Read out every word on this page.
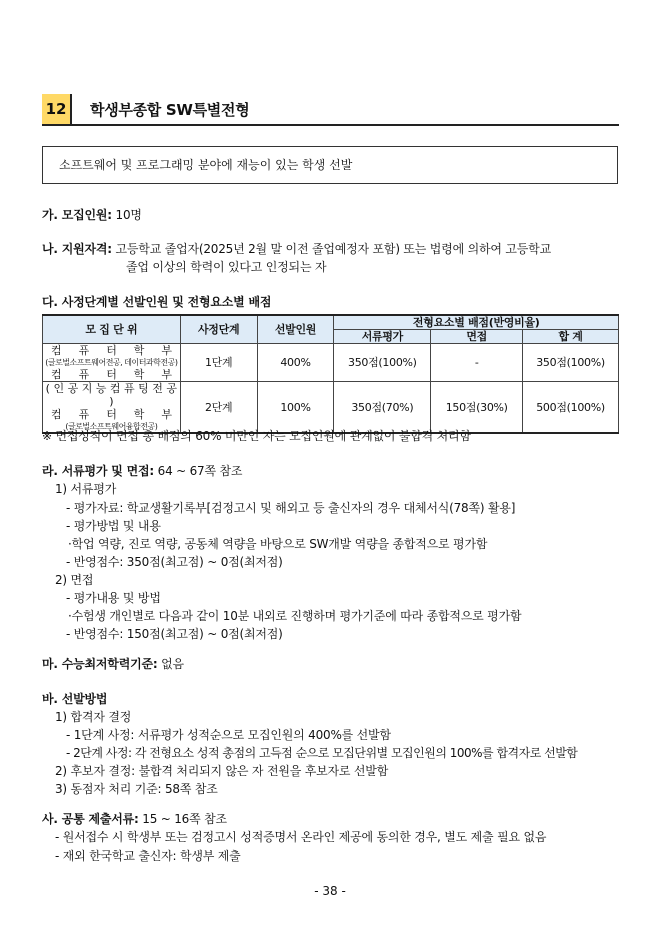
12	학생부종합 SW특별전형
소프트웨어 및 프로그래밍 분야에 재능이 있는 학생 선발
가. 모집인원: 10명
나. 지원자격: 고등학교 졸업자(2025년 2월 말 이전 졸업예정자 포함) 또는 법령에 의하여 고등학교
졸업 이상의 학력이 있다고 인정되는 자
다. 사정단계별 선발인원 및 전형요소별 배점
모 집 단 위	사정단계	선발인원	전형요소별 배점(반영비율)		
			서류평가	면접	합 계

컴 퓨 터 학 부
(글로벌소프트웨어전공, 데이터과학전공)
컴 퓨 터 학 부	1단계	400%	350점(100%)	-	350점(100%)

( 인 공 지 능 컴 퓨 팅 전 공 )
컴 퓨 터 학 부
(글로벌소프트웨어융합전공)	2단계	100%	350점(70%)	150점(30%)	500점(100%)
※ 면접성적이 면접 총 배점의 60% 미만인 자는 모집인원에 관계없이 불합격 처리함
라. 서류평가 및 면접: 64 ~ 67쪽 참조
1) 서류평가
- 평가자료: 학교생활기록부[검정고시 및 해외고 등 출신자의 경우 대체서식(78쪽) 활용]
- 평가방법 및 내용
·학업 역량, 진로 역량, 공동체 역량을 바탕으로 SW개발 역량을 종합적으로 평가함
- 반영점수: 350점(최고점) ~ 0점(최저점)
2) 면접
- 평가내용 및 방법
·수험생 개인별로 다음과 같이 10분 내외로 진행하며 평가기준에 따라 종합적으로 평가함
- 반영점수: 150점(최고점) ~ 0점(최저점)
마. 수능최저학력기준: 없음
바. 선발방법
1) 합격자 결정
- 1단계 사정: 서류평가 성적순으로 모집인원의 400%를 선발함
- 2단계 사정: 각 전형요소 성적 총점의 고득점 순으로 모집단위별 모집인원의 100%를 합격자로 선발함
2) 후보자 결정: 불합격 처리되지 않은 자 전원을 후보자로 선발함
3) 동점자 처리 기준: 58쪽 참조
사. 공통 제출서류: 15 ~ 16쪽 참조
- 원서접수 시 학생부 또는 검정고시 성적증명서 온라인 제공에 동의한 경우, 별도 제출 필요 없음
- 재외 한국학교 출신자: 학생부 제출
- 38 -
